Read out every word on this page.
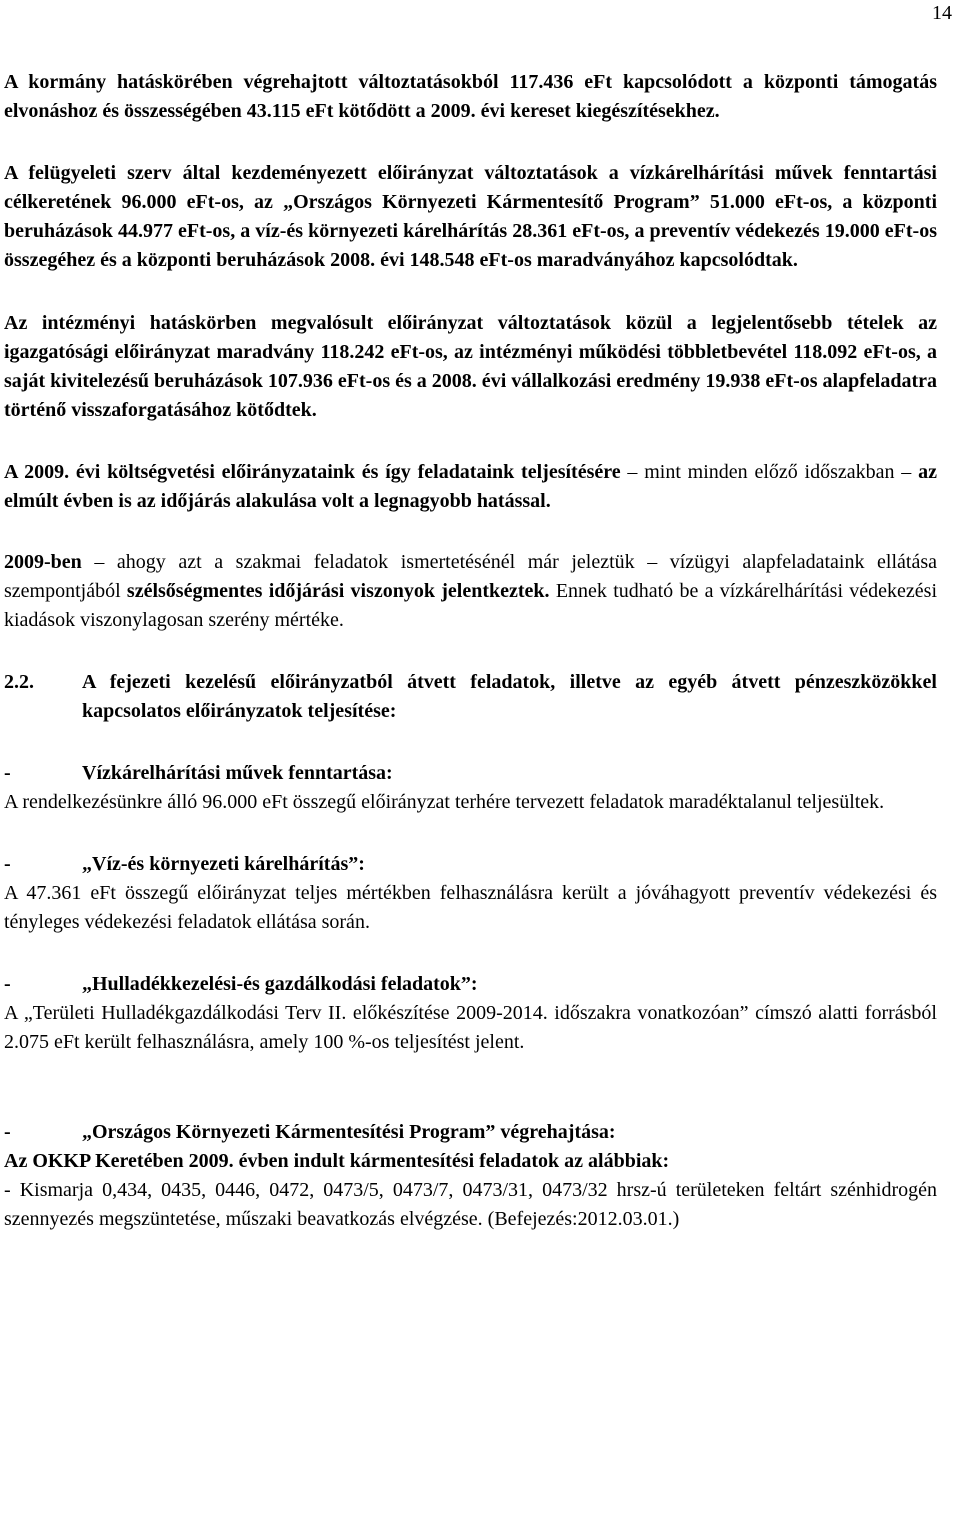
14

A kormány hatáskörében végrehajtott változtatásokból 117.436 eFt kapcsolódott a központi támogatás elvonáshoz és összességében 43.115 eFt kötődött a 2009. évi kereset kiegészítésekhez.

A felügyeleti szerv által kezdeményezett előirányzat változtatások a vízkárelhárítási művek fenntartási célkeretének 96.000 eFt-os, az „Országos Környezeti Kármentesítő Program” 51.000 eFt-os, a központi beruházások 44.977 eFt-os, a víz-és környezeti kárelhárítás 28.361 eFt-os, a preventív védekezés 19.000 eFt-os összegéhez és a központi beruházások 2008. évi 148.548 eFt-os maradványához kapcsolódtak.

Az intézményi hatáskörben megvalósult előirányzat változtatások közül a legjelentősebb tételek az igazgatósági előirányzat maradvány 118.242 eFt-os, az intézményi működési többletbevétel 118.092 eFt-os, a saját kivitelezésű beruházások 107.936 eFt-os és a 2008. évi vállalkozási eredmény 19.938 eFt-os alapfeladatra történő visszaforgatásához kötődtek.

A 2009. évi költségvetési előirányzataink és így feladataink teljesítésére – mint minden előző időszakban – az elmúlt évben is az időjárás alakulása volt a legnagyobb hatással.

2009-ben – ahogy azt a szakmai feladatok ismertetésénél már jeleztük – vízügyi alapfeladataink ellátása szempontjából szélsőségmentes időjárási viszonyok jelentkeztek. Ennek tudható be a vízkárelhárítási védekezési kiadások viszonylagosan szerény mértéke.

2.2.	A fejezeti kezelésű előirányzatból átvett feladatok, illetve az egyéb átvett pénzeszközökkel kapcsolatos előirányzatok teljesítése:
-	Vízkárelhárítási művek fenntartása:

A rendelkezésünkre álló 96.000 eFt összegű előirányzat terhére tervezett feladatok maradéktalanul teljesültek.

-	„Víz-és környezeti kárelhárítás”:

A 47.361 eFt összegű előirányzat teljes mértékben felhasználásra került a jóváhagyott preventív védekezési és tényleges védekezési feladatok ellátása során.

-	„Hulladékkezelési-és gazdálkodási feladatok”:

A „Területi Hulladékgazdálkodási Terv II. előkészítése 2009-2014. időszakra vonatkozóan” címszó alatti forrásból 2.075 eFt került felhasználásra, amely 100 %-os teljesítést jelent.

-	„Országos Környezeti Kármentesítési Program” végrehajtása:

Az OKKP Keretében 2009. évben indult kármentesítési feladatok az alábbiak:

- Kismarja 0,434, 0435, 0446, 0472, 0473/5, 0473/7, 0473/31, 0473/32 hrsz-ú területeken feltárt szénhidrogén szennyezés megszüntetése, műszaki beavatkozás elvégzése. (Befejezés:2012.03.01.)
